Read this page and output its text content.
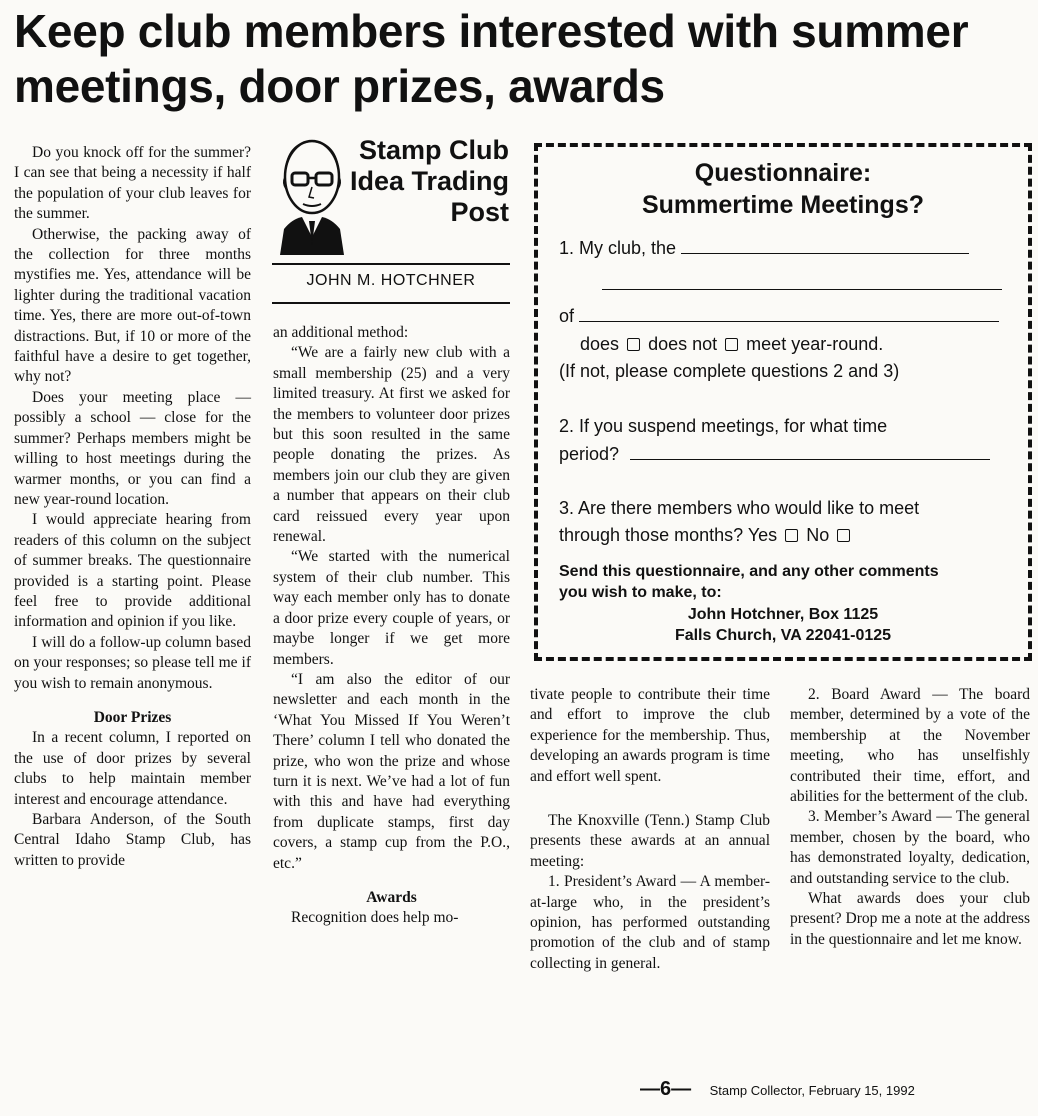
Keep club members interested with summer meetings, door prizes, awards

Do you knock off for the summer? I can see that being a necessity if half the population of your club leaves for the summer.

Otherwise, the packing away of the collection for three months mystifies me. Yes, attendance will be lighter during the traditional vacation time. Yes, there are more out-of-town distractions. But, if 10 or more of the faithful have a desire to get together, why not?

Does your meeting place — possibly a school — close for the summer? Perhaps members might be willing to host meetings during the warmer months, or you can find a new year-round location.

I would appreciate hearing from readers of this column on the subject of summer breaks. The questionnaire provided is a starting point. Please feel free to provide additional information and opinion if you like.

I will do a follow-up column based on your responses; so please tell me if you wish to remain anonymous.

Door Prizes

In a recent column, I reported on the use of door prizes by several clubs to help maintain member interest and encourage attendance.

Barbara Anderson, of the South Central Idaho Stamp Club, has written to provide

Stamp Club Idea Trading Post
JOHN M. HOTCHNER

an additional method:

“We are a fairly new club with a small membership (25) and a very limited treasury. At first we asked for the members to volunteer door prizes but this soon resulted in the same people donating the prizes. As members join our club they are given a number that appears on their club card reissued every year upon renewal.

“We started with the numerical system of their club number. This way each member only has to donate a door prize every couple of years, or maybe longer if we get more members.

“I am also the editor of our newsletter and each month in the ‘What You Missed If You Weren’t There’ column I tell who donated the prize, who won the prize and whose turn it is next. We’ve had a lot of fun with this and have had everything from duplicate stamps, first day covers, a stamp cup from the P.O., etc.”

Awards

Recognition does help mo-

Questionnaire:
Summertime Meetings?
1. My club, the
of
does does not meet year-round.
(If not, please complete questions 2 and 3)
2. If you suspend meetings, for what time
period?
3. Are there members who would like to meet
through those months? Yes No
Send this questionnaire, and any other comments
you wish to make, to:
John Hotchner, Box 1125
Falls Church, VA 22041-0125

tivate people to contribute their time and effort to improve the club experience for the membership. Thus, developing an awards program is time and effort well spent.

The Knoxville (Tenn.) Stamp Club presents these awards at an annual meeting:

1. President’s Award — A member-at-large who, in the president’s opinion, has performed outstanding promotion of the club and of stamp collecting in general.

2. Board Award — The board member, determined by a vote of the membership at the November meeting, who has unselfishly contributed their time, effort, and abilities for the betterment of the club.

3. Member’s Award — The general member, chosen by the board, who has demonstrated loyalty, dedication, and outstanding service to the club.

What awards does your club present? Drop me a note at the address in the questionnaire and let me know.

—6— Stamp Collector, February 15, 1992
